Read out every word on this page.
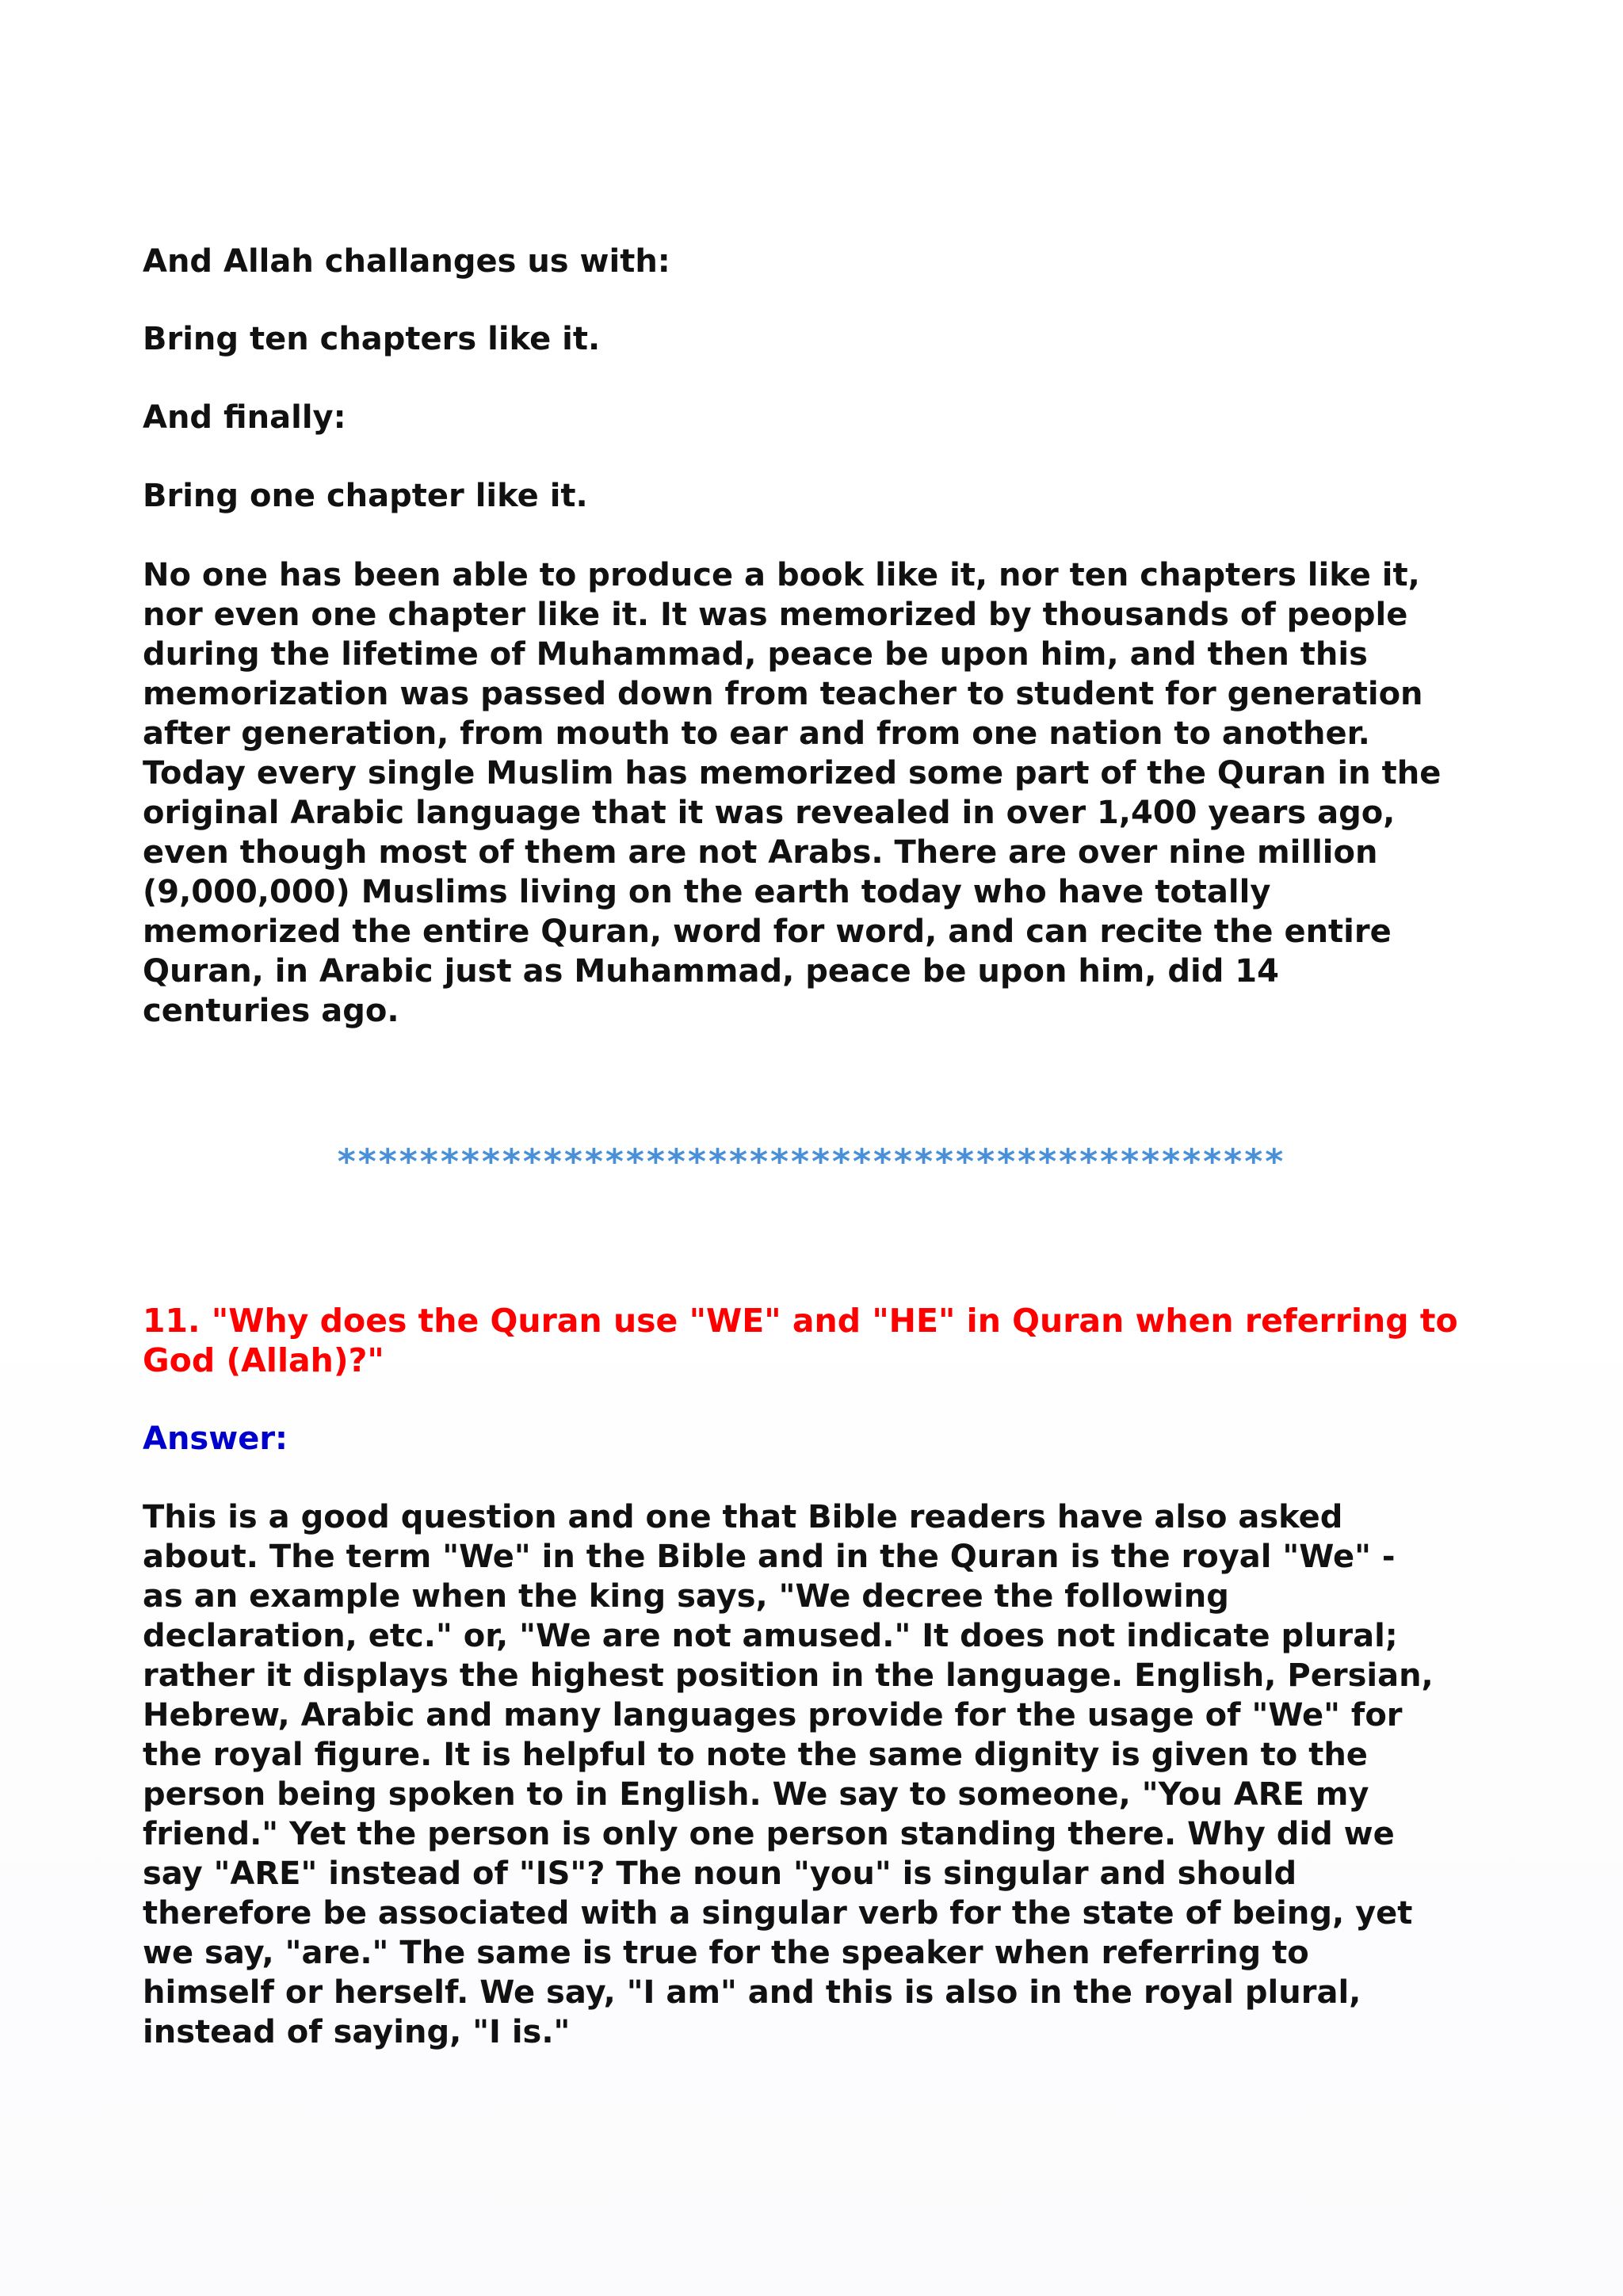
And Allah challanges us with:

Bring ten chapters like it.

And finally:

Bring one chapter like it.

No one has been able to produce a book like it, nor ten chapters like it,
nor even one chapter like it. It was memorized by thousands of people
during the lifetime of Muhammad, peace be upon him, and then this
memorization was passed down from teacher to student for generation
after generation, from mouth to ear and from one nation to another.
Today every single Muslim has memorized some part of the Quran in the
original Arabic language that it was revealed in over 1,400 years ago,
even though most of them are not Arabs. There are over nine million
(9,000,000) Muslims living on the earth today who have totally
memorized the entire Quran, word for word, and can recite the entire
Quran, in Arabic just as Muhammad, peace be upon him, did 14
centuries ago.

**********************************************
11. "Why does the Quran use "WE" and "HE" in Quran when referring to
God (Allah)?"

Answer:

This is a good question and one that Bible readers have also asked
about. The term "We" in the Bible and in the Quran is the royal "We" -
as an example when the king says, "We decree the following
declaration, etc." or, "We are not amused." It does not indicate plural;
rather it displays the highest position in the language. English, Persian,
Hebrew, Arabic and many languages provide for the usage of "We" for
the royal figure. It is helpful to note the same dignity is given to the
person being spoken to in English. We say to someone, "You ARE my
friend." Yet the person is only one person standing there. Why did we
say "ARE" instead of "IS"? The noun "you" is singular and should
therefore be associated with a singular verb for the state of being, yet
we say, "are." The same is true for the speaker when referring to
himself or herself. We say, "I am" and this is also in the royal plural,
instead of saying, "I is."
